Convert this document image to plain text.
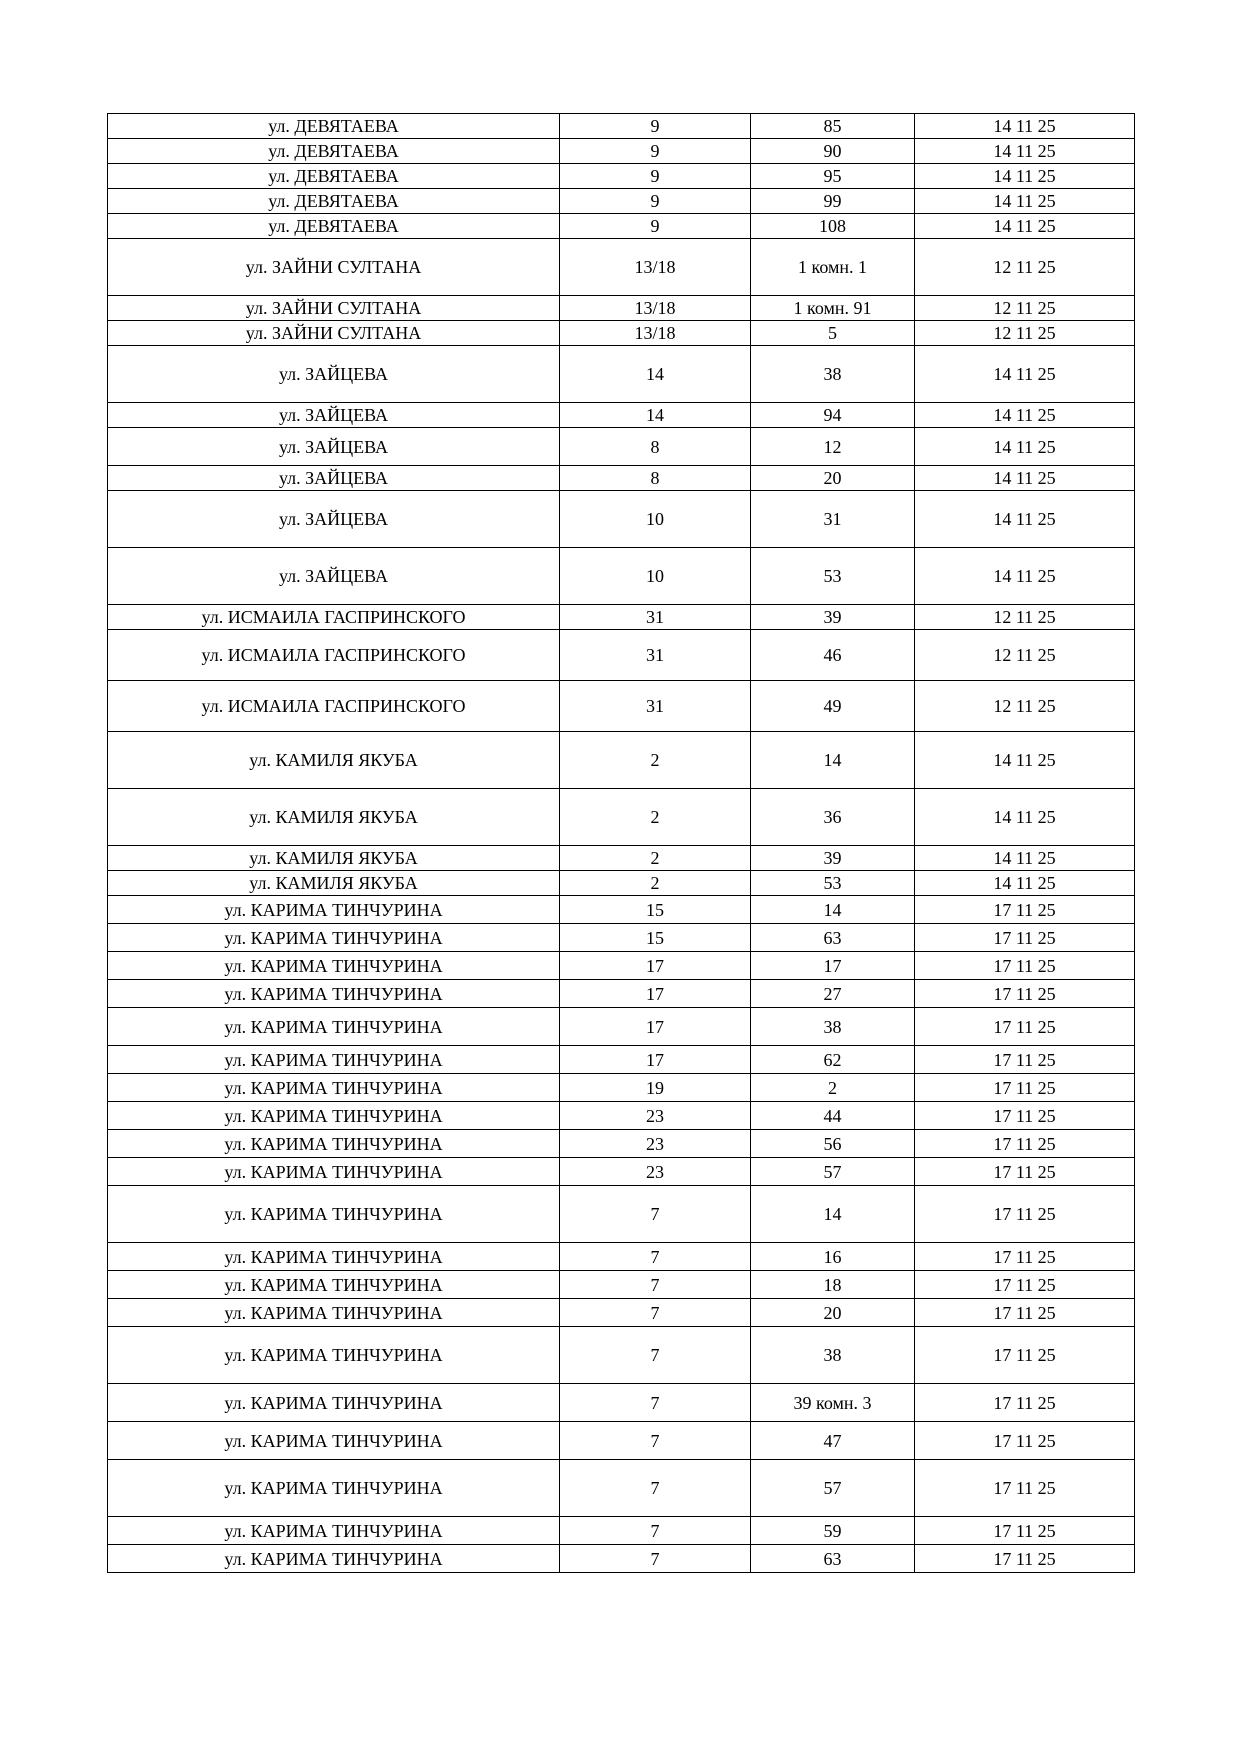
ул. ДЕВЯТАЕВА	9	85	14 11 25
ул. ДЕВЯТАЕВА	9	90	14 11 25
ул. ДЕВЯТАЕВА	9	95	14 11 25
ул. ДЕВЯТАЕВА	9	99	14 11 25
ул. ДЕВЯТАЕВА	9	108	14 11 25
ул. ЗАЙНИ СУЛТАНА	13/18	1 комн. 1	12 11 25
ул. ЗАЙНИ СУЛТАНА	13/18	1 комн. 91	12 11 25
ул. ЗАЙНИ СУЛТАНА	13/18	5	12 11 25
ул. ЗАЙЦЕВА	14	38	14 11 25
ул. ЗАЙЦЕВА	14	94	14 11 25
ул. ЗАЙЦЕВА	8	12	14 11 25
ул. ЗАЙЦЕВА	8	20	14 11 25
ул. ЗАЙЦЕВА	10	31	14 11 25
ул. ЗАЙЦЕВА	10	53	14 11 25
ул. ИСМАИЛА ГАСПРИНСКОГО	31	39	12 11 25
ул. ИСМАИЛА ГАСПРИНСКОГО	31	46	12 11 25
ул. ИСМАИЛА ГАСПРИНСКОГО	31	49	12 11 25
ул. КАМИЛЯ ЯКУБА	2	14	14 11 25
ул. КАМИЛЯ ЯКУБА	2	36	14 11 25
ул. КАМИЛЯ ЯКУБА	2	39	14 11 25
ул. КАМИЛЯ ЯКУБА	2	53	14 11 25
ул. КАРИМА ТИНЧУРИНА	15	14	17 11 25
ул. КАРИМА ТИНЧУРИНА	15	63	17 11 25
ул. КАРИМА ТИНЧУРИНА	17	17	17 11 25
ул. КАРИМА ТИНЧУРИНА	17	27	17 11 25
ул. КАРИМА ТИНЧУРИНА	17	38	17 11 25
ул. КАРИМА ТИНЧУРИНА	17	62	17 11 25
ул. КАРИМА ТИНЧУРИНА	19	2	17 11 25
ул. КАРИМА ТИНЧУРИНА	23	44	17 11 25
ул. КАРИМА ТИНЧУРИНА	23	56	17 11 25
ул. КАРИМА ТИНЧУРИНА	23	57	17 11 25
ул. КАРИМА ТИНЧУРИНА	7	14	17 11 25
ул. КАРИМА ТИНЧУРИНА	7	16	17 11 25
ул. КАРИМА ТИНЧУРИНА	7	18	17 11 25
ул. КАРИМА ТИНЧУРИНА	7	20	17 11 25
ул. КАРИМА ТИНЧУРИНА	7	38	17 11 25
ул. КАРИМА ТИНЧУРИНА	7	39 комн. 3	17 11 25
ул. КАРИМА ТИНЧУРИНА	7	47	17 11 25
ул. КАРИМА ТИНЧУРИНА	7	57	17 11 25
ул. КАРИМА ТИНЧУРИНА	7	59	17 11 25
ул. КАРИМА ТИНЧУРИНА	7	63	17 11 25
